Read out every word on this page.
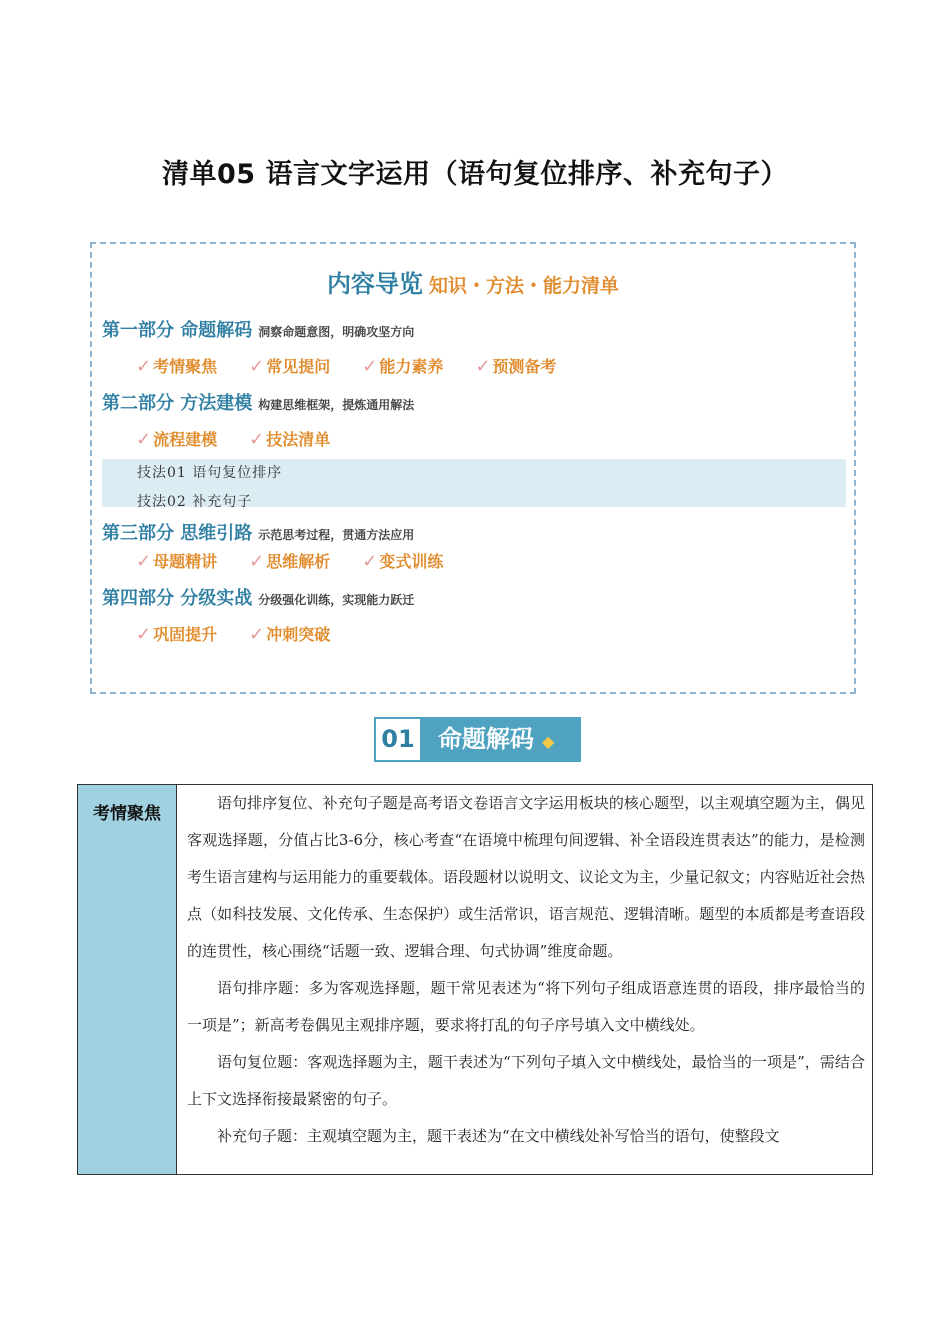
清单05 语言文字运用（语句复位排序、补充句子）
内容导览 知识・方法・能力清单
第一部分 命题解码 洞察命题意图，明确攻坚方向
✓ 考情聚焦 ✓ 常见提问 ✓ 能力素养 ✓ 预测备考
第二部分 方法建模 构建思维框架，提炼通用解法
✓ 流程建模 ✓ 技法清单
技法01 语句复位排序
技法02 补充句子
第三部分 思维引路 示范思考过程，贯通方法应用
✓ 母题精讲 ✓ 思维解析 ✓ 变式训练
第四部分 分级实战 分级强化训练，实现能力跃迁
✓ 巩固提升 ✓ 冲刺突破
01 命题解码 ◆
考情聚焦

语句排序复位、补充句子题是高考语文卷语言文字运用板块的核心题型，以主观填空题为主，偶见客观选择题，分值占比3-6分，核心考查“在语境中梳理句间逻辑、补全语段连贯表达”的能力，是检测考生语言建构与运用能力的重要载体。语段题材以说明文、议论文为主，少量记叙文；内容贴近社会热点（如科技发展、文化传承、生态保护）或生活常识，语言规范、逻辑清晰。题型的本质都是考查语段的连贯性，核心围绕“话题一致、逻辑合理、句式协调”维度命题。

语句排序题：多为客观选择题，题干常见表述为“将下列句子组成语意连贯的语段，排序最恰当的一项是”；新高考卷偶见主观排序题，要求将打乱的句子序号填入文中横线处。

语句复位题：客观选择题为主，题干表述为“下列句子填入文中横线处，最恰当的一项是”，需结合上下文选择衔接最紧密的句子。

补充句子题：主观填空题为主，题干表述为“在文中横线处补写恰当的语句，使整段文
